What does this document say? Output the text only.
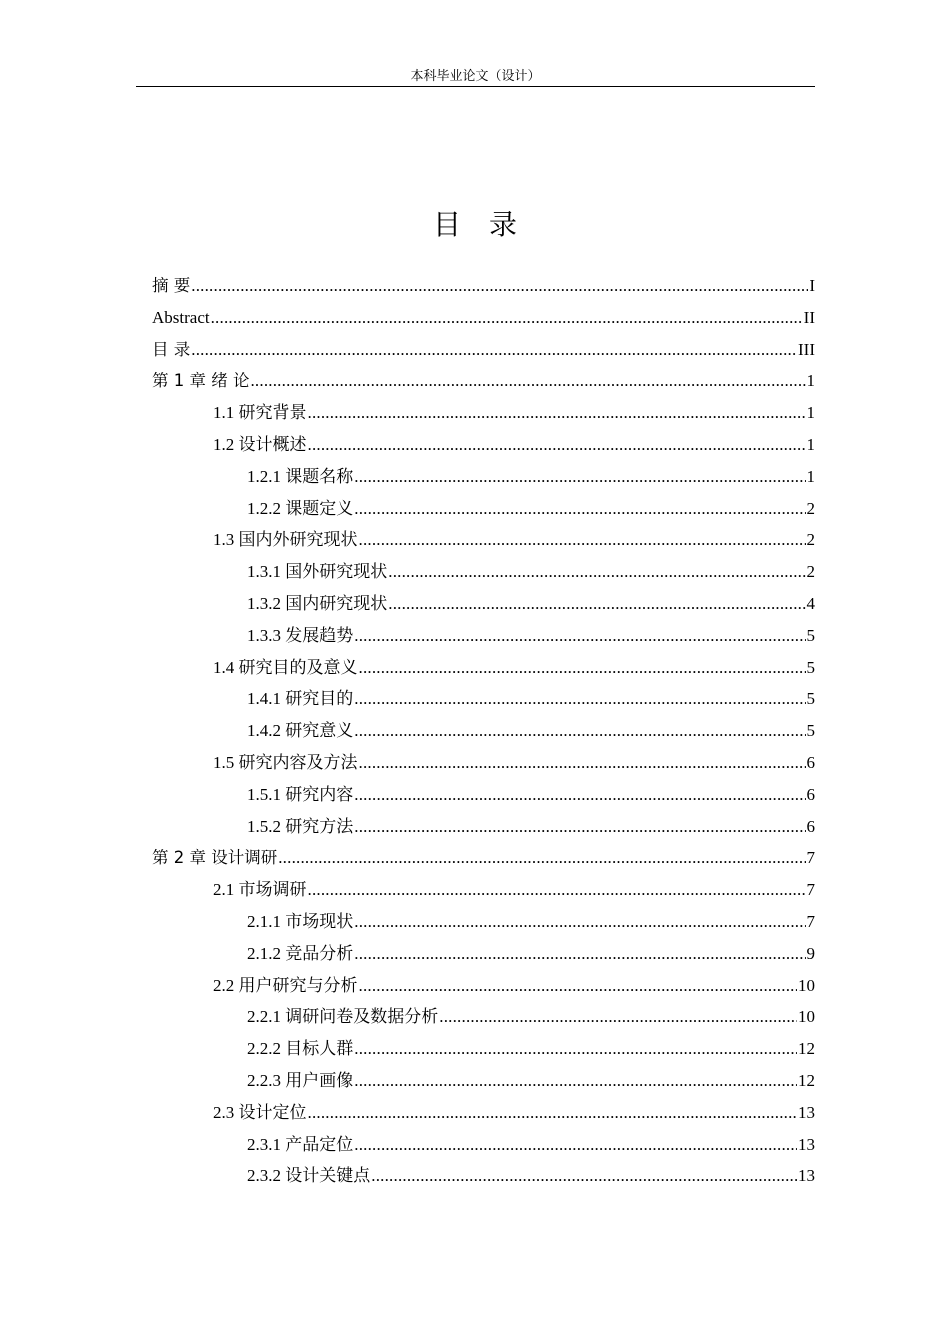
本科毕业论文（设计）
目录
摘 要 .....	I
Abstract .....	II
目 录 .....	III
第 1 章 绪 论 .....	1
1.1 研究背景 .....	1
1.2 设计概述 .....	1
1.2.1 课题名称 .....	1
1.2.2 课题定义 .....	2
1.3 国内外研究现状 .....	2
1.3.1 国外研究现状 .....	2
1.3.2 国内研究现状 .....	4
1.3.3 发展趋势 .....	5
1.4 研究目的及意义 .....	5
1.4.1 研究目的 .....	5
1.4.2 研究意义 .....	5
1.5 研究内容及方法 .....	6
1.5.1 研究内容 .....	6
1.5.2 研究方法 .....	6
第 2 章 设计调研 .....	7
2.1 市场调研 .....	7
2.1.1 市场现状 .....	7
2.1.2 竞品分析 .....	9
2.2 用户研究与分析 .....	10
2.2.1 调研问卷及数据分析 .....	10
2.2.2 目标人群 .....	12
2.2.3 用户画像 .....	12
2.3 设计定位 .....	13
2.3.1 产品定位 .....	13
2.3.2 设计关键点 .....	13
